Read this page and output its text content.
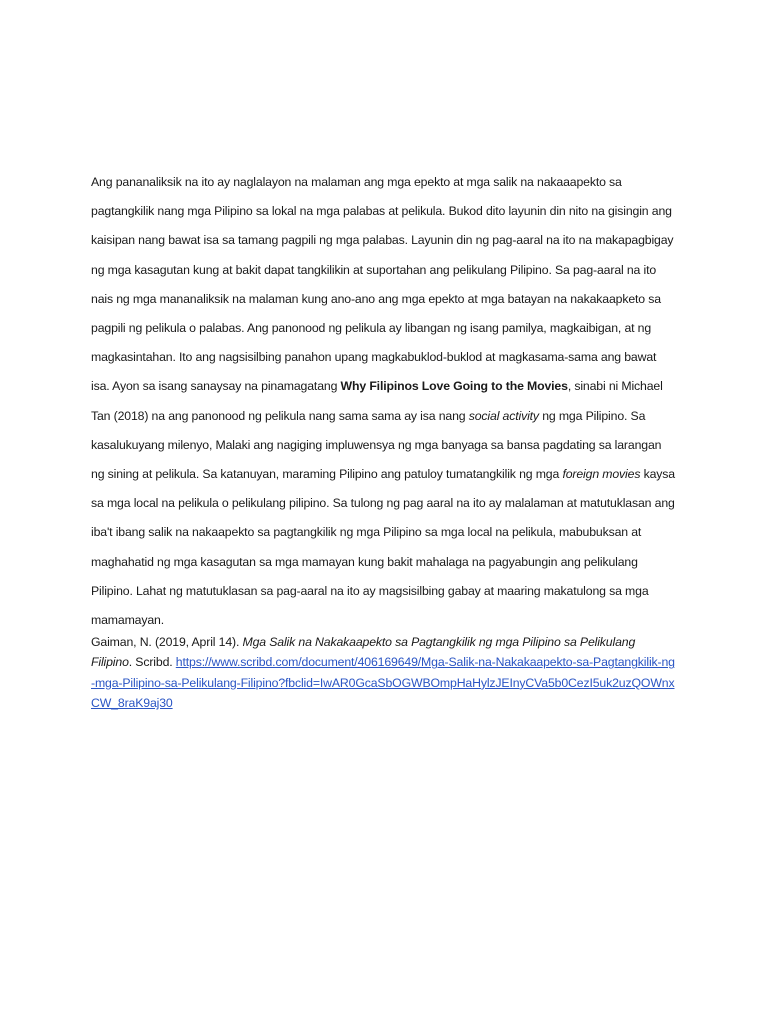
Ang pananaliksik na ito ay naglalayon na malaman ang mga epekto at mga salik na nakaaapekto sa pagtangkilik nang mga Pilipino sa lokal na mga palabas at pelikula. Bukod dito layunin din nito na gisingin ang kaisipan nang bawat isa sa tamang pagpili ng mga palabas. Layunin din ng pag-aaral na ito na makapagbigay ng mga kasagutan kung at bakit dapat tangkilikin at suportahan ang pelikulang Pilipino. Sa pag-aaral na ito nais ng mga mananaliksik na malaman kung ano-ano ang mga epekto at mga batayan na nakakaapketo sa pagpili ng pelikula o palabas. Ang panonood ng pelikula ay libangan ng isang pamilya, magkaibigan, at ng magkasintahan. Ito ang nagsisilbing panahon upang magkabuklod-buklod at magkasama-sama ang bawat isa. Ayon sa isang sanaysay na pinamagatang Why Filipinos Love Going to the Movies, sinabi ni Michael Tan (2018) na ang panonood ng pelikula nang sama sama ay isa nang social activity ng mga Pilipino. Sa kasalukuyang milenyo, Malaki ang nagiging impluwensya ng mga banyaga sa bansa pagdating sa larangan ng sining at pelikula. Sa katanuyan, maraming Pilipino ang patuloy tumatangkilik ng mga foreign movies kaysa sa mga local na pelikula o pelikulang pilipino. Sa tulong ng pag aaral na ito ay malalaman at matutuklasan ang iba't ibang salik na nakaapekto sa pagtangkilik ng mga Pilipino sa mga local na pelikula, mabubuksan at maghahatid ng mga kasagutan sa mga mamayan kung bakit mahalaga na pagyabungin ang pelikulang Pilipino. Lahat ng matutuklasan sa pag-aaral na ito ay magsisilbing gabay at maaring makatulong sa mga mamamayan.

Gaiman, N. (2019, April 14). Mga Salik na Nakakaapekto sa Pagtangkilik ng mga Pilipino sa Pelikulang Filipino. Scribd. https://www.scribd.com/document/406169649/Mga-Salik-na-Nakakaapekto-sa-Pagtangkilik-ng-mga-Pilipino-sa-Pelikulang-Filipino?fbclid=IwAR0GcaSbOGWBOmpHaHylzJEInyCVa5b0CezI5uk2uzQOWnxCW_8raK9aj30
